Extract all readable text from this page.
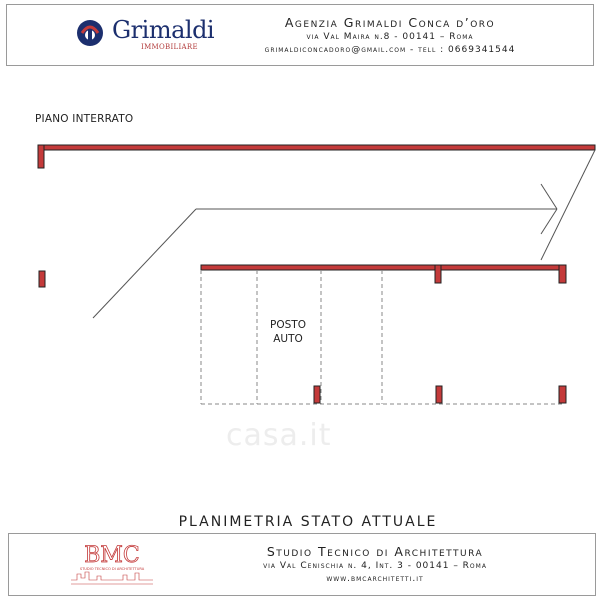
Grimaldi
IMMOBILIARE
Agenzia Grimaldi Conca d’oro
via Val Maira n.8 - 00141 – Roma
grimaldiconcadoro@gmail.com - tell : 0669341544
PIANO INTERRATO
casa.it
POSTO
AUTO
PLANIMETRIA STATO ATTUALE
BMC
STUDIO TECNICO DI ARCHITETTURA
Studio Tecnico di Architettura
via Val Cenischia n. 4, Int. 3 - 00141 – Roma
www.bmcarchitetti.it
